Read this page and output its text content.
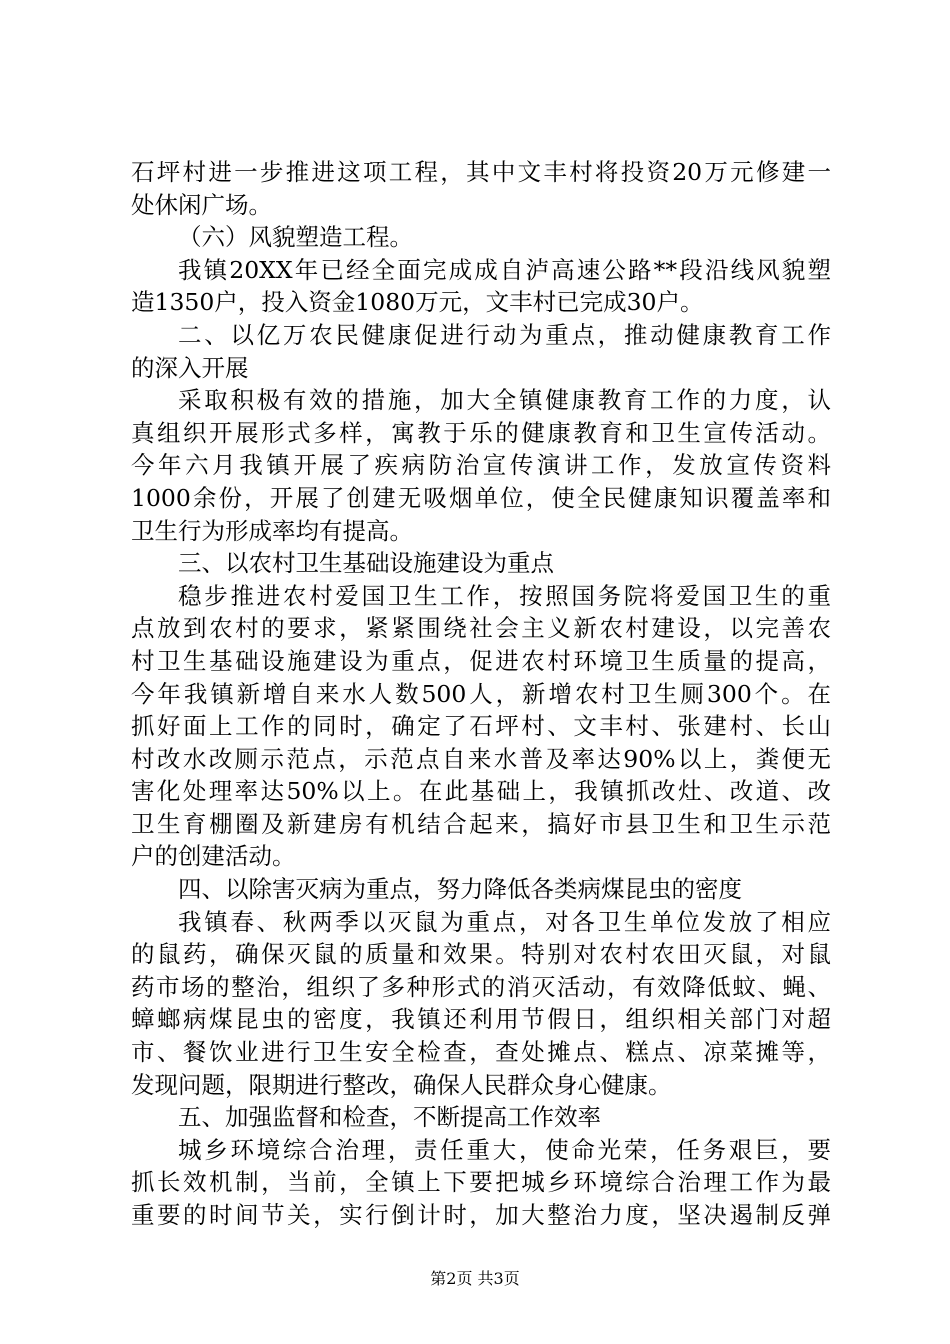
石坪村进一步推进这项工程，其中文丰村将投资20万元修建一
处休闲广场。
（六）风貌塑造工程。
我镇20XX年已经全面完成成自泸高速公路**段沿线风貌塑
造1350户，投入资金1080万元，文丰村已完成30户。
二、以亿万农民健康促进行动为重点，推动健康教育工作
的深入开展
采取积极有效的措施，加大全镇健康教育工作的力度，认
真组织开展形式多样，寓教于乐的健康教育和卫生宣传活动。
今年六月我镇开展了疾病防治宣传演讲工作，发放宣传资料
1000余份，开展了创建无吸烟单位，使全民健康知识覆盖率和
卫生行为形成率均有提高。
三、以农村卫生基础设施建设为重点
稳步推进农村爱国卫生工作，按照国务院将爱国卫生的重
点放到农村的要求，紧紧围绕社会主义新农村建设，以完善农
村卫生基础设施建设为重点，促进农村环境卫生质量的提高，
今年我镇新增自来水人数500人，新增农村卫生厕300个。在
抓好面上工作的同时，确定了石坪村、文丰村、张建村、长山
村改水改厕示范点，示范点自来水普及率达90%以上，粪便无
害化处理率达50%以上。在此基础上，我镇抓改灶、改道、改
卫生育棚圈及新建房有机结合起来，搞好市县卫生和卫生示范
户的创建活动。
四、以除害灭病为重点，努力降低各类病煤昆虫的密度
我镇春、秋两季以灭鼠为重点，对各卫生单位发放了相应
的鼠药，确保灭鼠的质量和效果。特别对农村农田灭鼠，对鼠
药市场的整治，组织了多种形式的消灭活动，有效降低蚊、蝇、
蟑螂病煤昆虫的密度，我镇还利用节假日，组织相关部门对超
市、餐饮业进行卫生安全检查，查处摊点、糕点、凉菜摊等，
发现问题，限期进行整改，确保人民群众身心健康。
五、加强监督和检查，不断提高工作效率
城乡环境综合治理，责任重大，使命光荣，任务艰巨，要
抓长效机制，当前，全镇上下要把城乡环境综合治理工作为最
重要的时间节关，实行倒计时，加大整治力度，坚决遏制反弹
第2页 共3页
